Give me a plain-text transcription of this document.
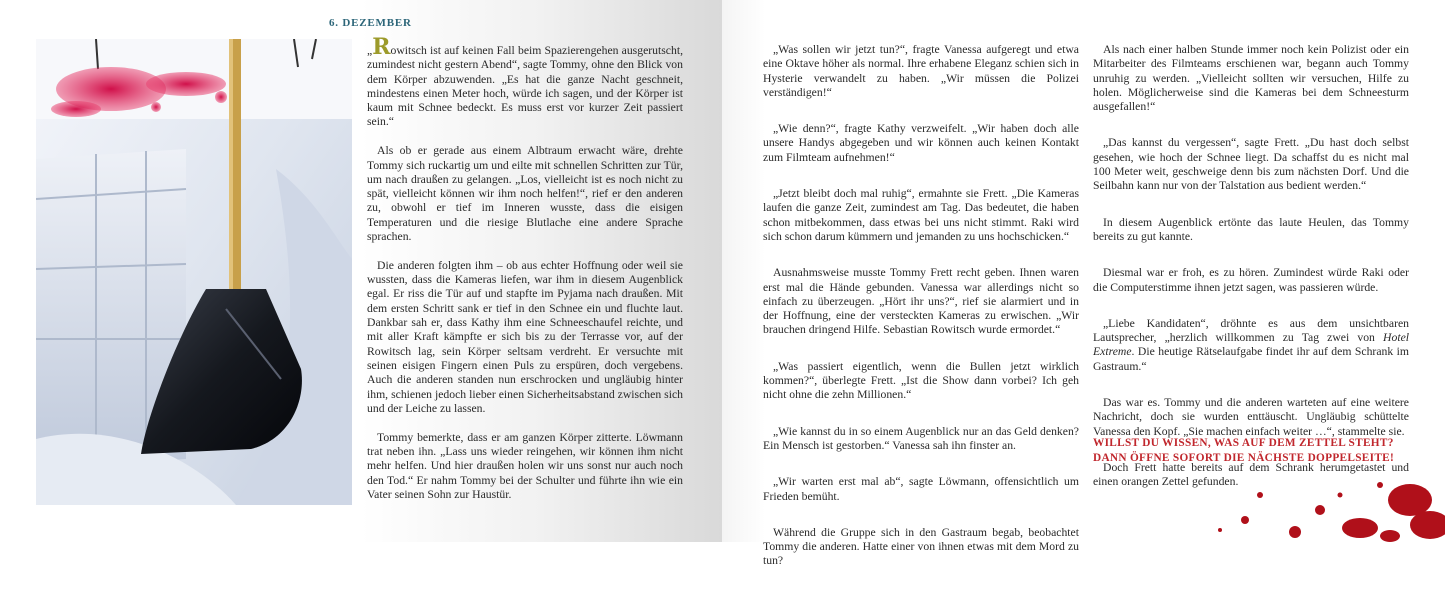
6. DEZEMBER

„Rowitsch ist auf keinen Fall beim Spazierengehen ausgerutscht, zumindest nicht gestern Abend“, sagte Tommy, ohne den Blick von dem Körper abzuwenden. „Es hat die ganze Nacht geschneit, mindestens einen Meter hoch, würde ich sagen, und der Körper ist kaum mit Schnee bedeckt. Es muss erst vor kurzer Zeit passiert sein.“

Als ob er gerade aus einem Albtraum erwacht wäre, drehte Tommy sich ruckartig um und eilte mit schnellen Schritten zur Tür, um nach draußen zu gelangen. „Los, vielleicht ist es noch nicht zu spät, vielleicht können wir ihm noch helfen!“, rief er den anderen zu, obwohl er tief im Inneren wusste, dass die eisigen Temperaturen und die riesige Blutlache eine andere Sprache sprachen.

Die anderen folgten ihm – ob aus echter Hoffnung oder weil sie wussten, dass die Kameras liefen, war ihm in diesem Augenblick egal. Er riss die Tür auf und stapfte im Pyjama nach draußen. Mit dem ersten Schritt sank er tief in den Schnee ein und fluchte laut. Dankbar sah er, dass Kathy ihm eine Schneeschaufel reichte, und mit aller Kraft kämpfte er sich bis zu der Terrasse vor, auf der Rowitsch lag, sein Körper seltsam verdreht. Er versuchte mit seinen eisigen Fingern einen Puls zu erspüren, doch vergebens. Auch die anderen standen nun erschrocken und ungläubig hinter ihm, schienen jedoch lieber einen Sicherheitsabstand zwischen sich und der Leiche zu lassen.

Tommy bemerkte, dass er am ganzen Körper zitterte. Löwmann trat neben ihn. „Lass uns wieder reingehen, wir können ihm nicht mehr helfen. Und hier draußen holen wir uns sonst nur auch noch den Tod.“ Er nahm Tommy bei der Schulter und führte ihn wie ein Vater seinen Sohn zur Haustür.

„Was sollen wir jetzt tun?“, fragte Vanessa aufgeregt und etwa eine Oktave höher als normal. Ihre erhabene Eleganz schien sich in Hysterie verwandelt zu haben. „Wir müssen die Polizei verständigen!“

„Wie denn?“, fragte Kathy verzweifelt. „Wir haben doch alle unsere Handys abgegeben und wir können auch keinen Kontakt zum Filmteam aufnehmen!“

„Jetzt bleibt doch mal ruhig“, ermahnte sie Frett. „Die Kameras laufen die ganze Zeit, zumindest am Tag. Das bedeutet, die haben schon mitbekommen, dass etwas bei uns nicht stimmt. Raki wird sich schon darum kümmern und jemanden zu uns hochschicken.“

Ausnahmsweise musste Tommy Frett recht geben. Ihnen waren erst mal die Hände gebunden. Vanessa war allerdings nicht so einfach zu überzeugen. „Hört ihr uns?“, rief sie alarmiert und in der Hoffnung, eine der versteckten Kameras zu erwischen. „Wir brauchen dringend Hilfe. Sebastian Rowitsch wurde ermordet.“

„Was passiert eigentlich, wenn die Bullen jetzt wirklich kommen?“, überlegte Frett. „Ist die Show dann vorbei? Ich geh nicht ohne die zehn Millionen.“

„Wie kannst du in so einem Augenblick nur an das Geld denken? Ein Mensch ist gestorben.“ Vanessa sah ihn finster an.

„Wir warten erst mal ab“, sagte Löwmann, offensichtlich um Frieden bemüht.

Während die Gruppe sich in den Gastraum begab, beobachtet Tommy die anderen. Hatte einer von ihnen etwas mit dem Mord zu tun?

Als nach einer halben Stunde immer noch kein Polizist oder ein Mitarbeiter des Filmteams erschienen war, begann auch Tommy unruhig zu werden. „Vielleicht sollten wir versuchen, Hilfe zu holen. Möglicherweise sind die Kameras bei dem Schneesturm ausgefallen!“

„Das kannst du vergessen“, sagte Frett. „Du hast doch selbst gesehen, wie hoch der Schnee liegt. Da schaffst du es nicht mal 100 Meter weit, geschweige denn bis zum nächsten Dorf. Und die Seilbahn kann nur von der Talstation aus bedient werden.“

In diesem Augenblick ertönte das laute Heulen, das Tommy bereits zu gut kannte.

Diesmal war er froh, es zu hören. Zumindest würde Raki oder die Computerstimme ihnen jetzt sagen, was passieren würde.

„Liebe Kandidaten“, dröhnte es aus dem unsichtbaren Lautsprecher, „herzlich willkommen zu Tag zwei von Hotel Extreme. Die heutige Rätselaufgabe findet ihr auf dem Schrank im Gastraum.“

Das war es. Tommy und die anderen warteten auf eine weitere Nachricht, doch sie wurden enttäuscht. Ungläubig schüttelte Vanessa den Kopf. „Sie machen einfach weiter …“, stammelte sie.

Doch Frett hatte bereits auf dem Schrank herumgetastet und einen orangen Zettel gefunden.

WILLST DU WISSEN, WAS AUF DEM ZETTEL STEHT?
DANN ÖFFNE SOFORT DIE NÄCHSTE DOPPELSEITE!
